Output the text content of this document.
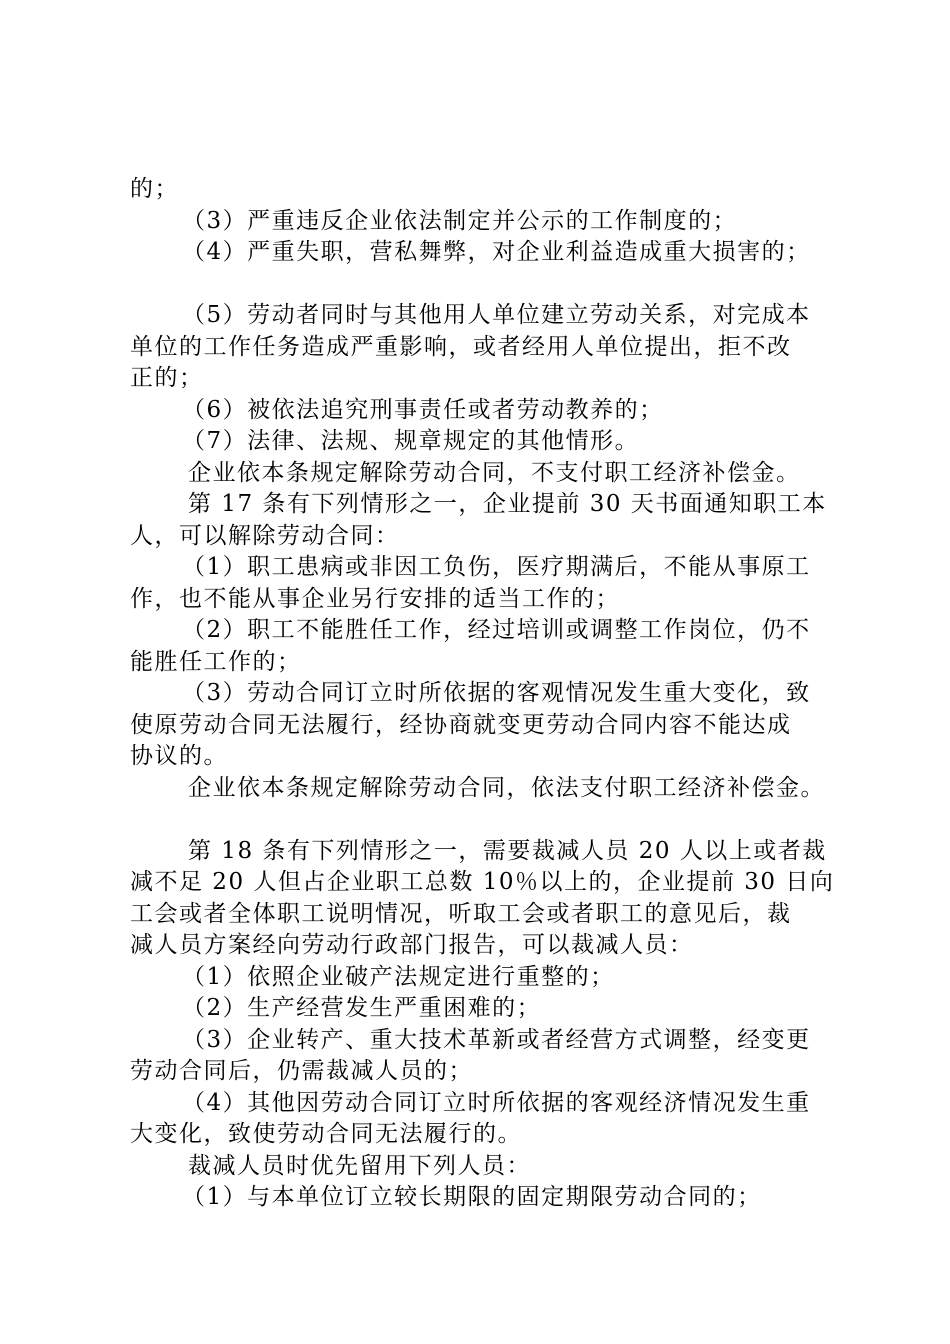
的；
（3）严重违反企业依法制定并公示的工作制度的；
（4）严重失职，营私舞弊，对企业利益造成重大损害的；
（5）劳动者同时与其他用人单位建立劳动关系，对完成本
单位的工作任务造成严重影响，或者经用人单位提出，拒不改
正的；
（6）被依法追究刑事责任或者劳动教养的；
（7）法律、法规、规章规定的其他情形。
企业依本条规定解除劳动合同，不支付职工经济补偿金。
第 17 条有下列情形之一，企业提前 30 天书面通知职工本
人，可以解除劳动合同：
（1）职工患病或非因工负伤，医疗期满后，不能从事原工
作，也不能从事企业另行安排的适当工作的；
（2）职工不能胜任工作，经过培训或调整工作岗位，仍不
能胜任工作的；
（3）劳动合同订立时所依据的客观情况发生重大变化，致
使原劳动合同无法履行，经协商就变更劳动合同内容不能达成
协议的。
企业依本条规定解除劳动合同，依法支付职工经济补偿金。
第 18 条有下列情形之一，需要裁减人员 20 人以上或者裁
减不足 20 人但占企业职工总数 10％以上的，企业提前 30 日向
工会或者全体职工说明情况，听取工会或者职工的意见后，裁
减人员方案经向劳动行政部门报告，可以裁减人员：
（1）依照企业破产法规定进行重整的；
（2）生产经营发生严重困难的；
（3）企业转产、重大技术革新或者经营方式调整，经变更
劳动合同后，仍需裁减人员的；
（4）其他因劳动合同订立时所依据的客观经济情况发生重
大变化，致使劳动合同无法履行的。
裁减人员时优先留用下列人员：
（1）与本单位订立较长期限的固定期限劳动合同的；
